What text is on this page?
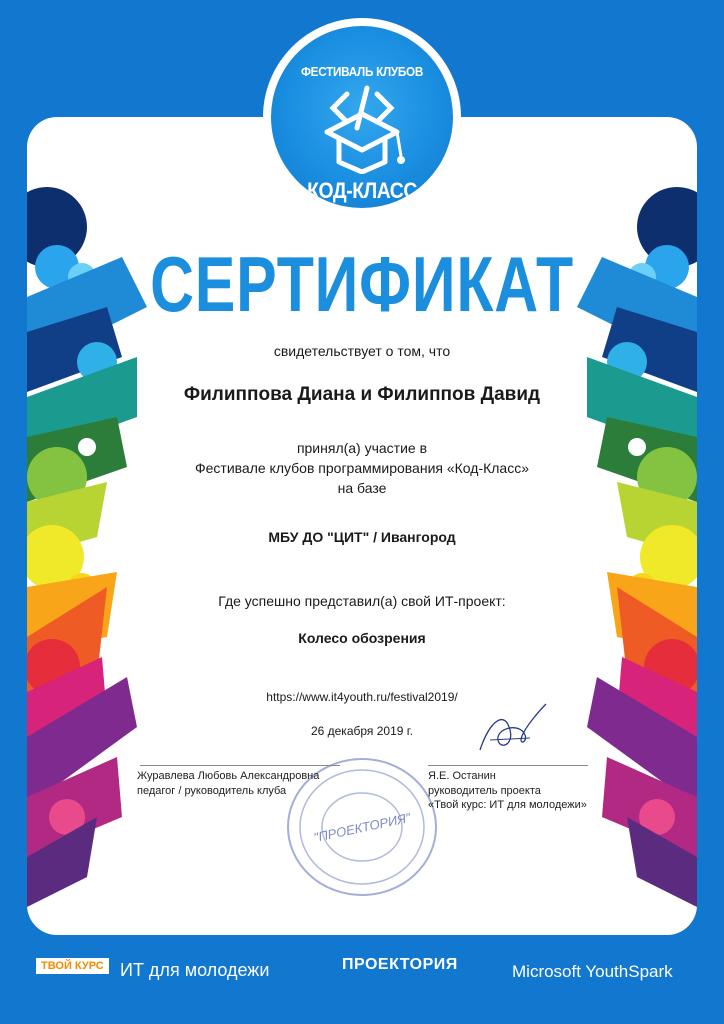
ФЕСТИВАЛЬ КЛУБОВ
КОД-КЛАСС
СЕРТИФИКАТ
свидетельствует о том, что
Филиппова Диана и Филиппов Давид
принял(а) участие в
Фестивале клубов программирования «Код-Класс»
на базе
МБУ ДО "ЦИТ" / Ивангород
Где успешно представил(а) свой ИТ-проект:
Колесо обозрения
https://www.it4youth.ru/festival2019/
26 декабря 2019 г.
"ПРОЕКТОРИЯ"
Журавлева Любовь Александровна
педагог / руководитель клуба
Я.Е. Останин
руководитель проекта
«Твой курс: ИТ для молодежи»
ТВОЙ КУРС ИТ для молодежи	ПРОЕКТОРИЯ	Microsoft YouthSpark
